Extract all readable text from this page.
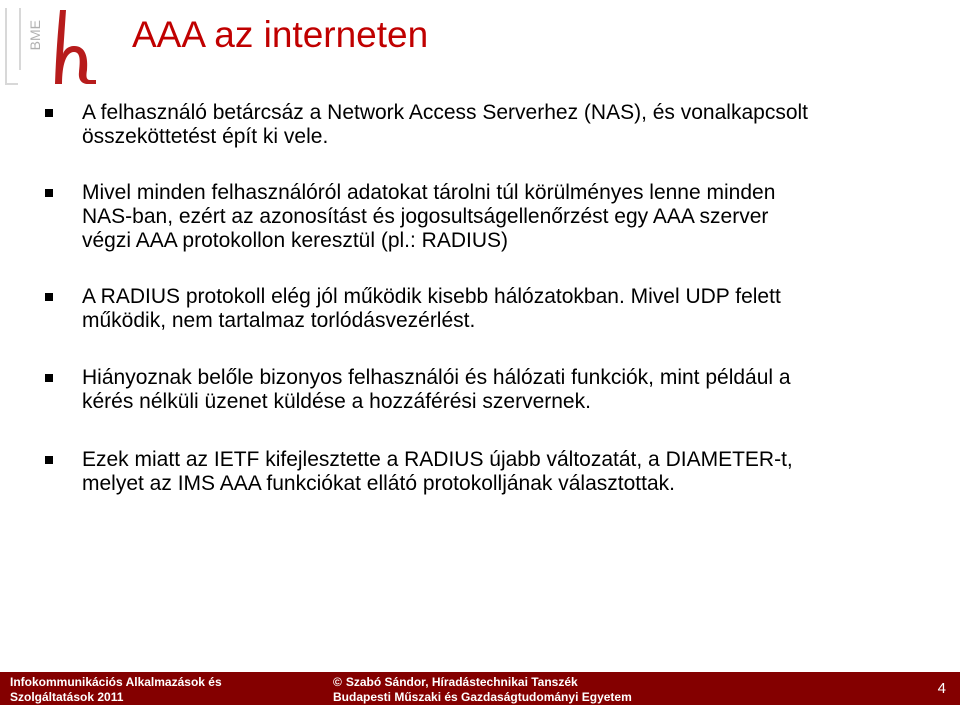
BME AAA az interneten
A felhasználó betárcsáz a Network Access Serverhez (NAS), és vonalkapcsolt
összeköttetést épít ki vele.
Mivel minden felhasználóról adatokat tárolni túl körülményes lenne minden
NAS-ban, ezért az azonosítást és jogosultságellenőrzést egy AAA szerver
végzi AAA protokollon keresztül (pl.: RADIUS)
A RADIUS protokoll elég jól működik kisebb hálózatokban. Mivel UDP felett
működik, nem tartalmaz torlódásvezérlést.
Hiányoznak belőle bizonyos felhasználói és hálózati funkciók, mint például a
kérés nélküli üzenet küldése a hozzáférési szervernek.
Ezek miatt az IETF kifejlesztette a RADIUS újabb változatát, a DIAMETER-t,
melyet az IMS AAA funkciókat ellátó protokolljának választottak.
Infokommunikációs Alkalmazások és
Szolgáltatások 2011
© Szabó Sándor, Híradástechnikai Tanszék
Budapesti Műszaki és Gazdaságtudományi Egyetem	4
